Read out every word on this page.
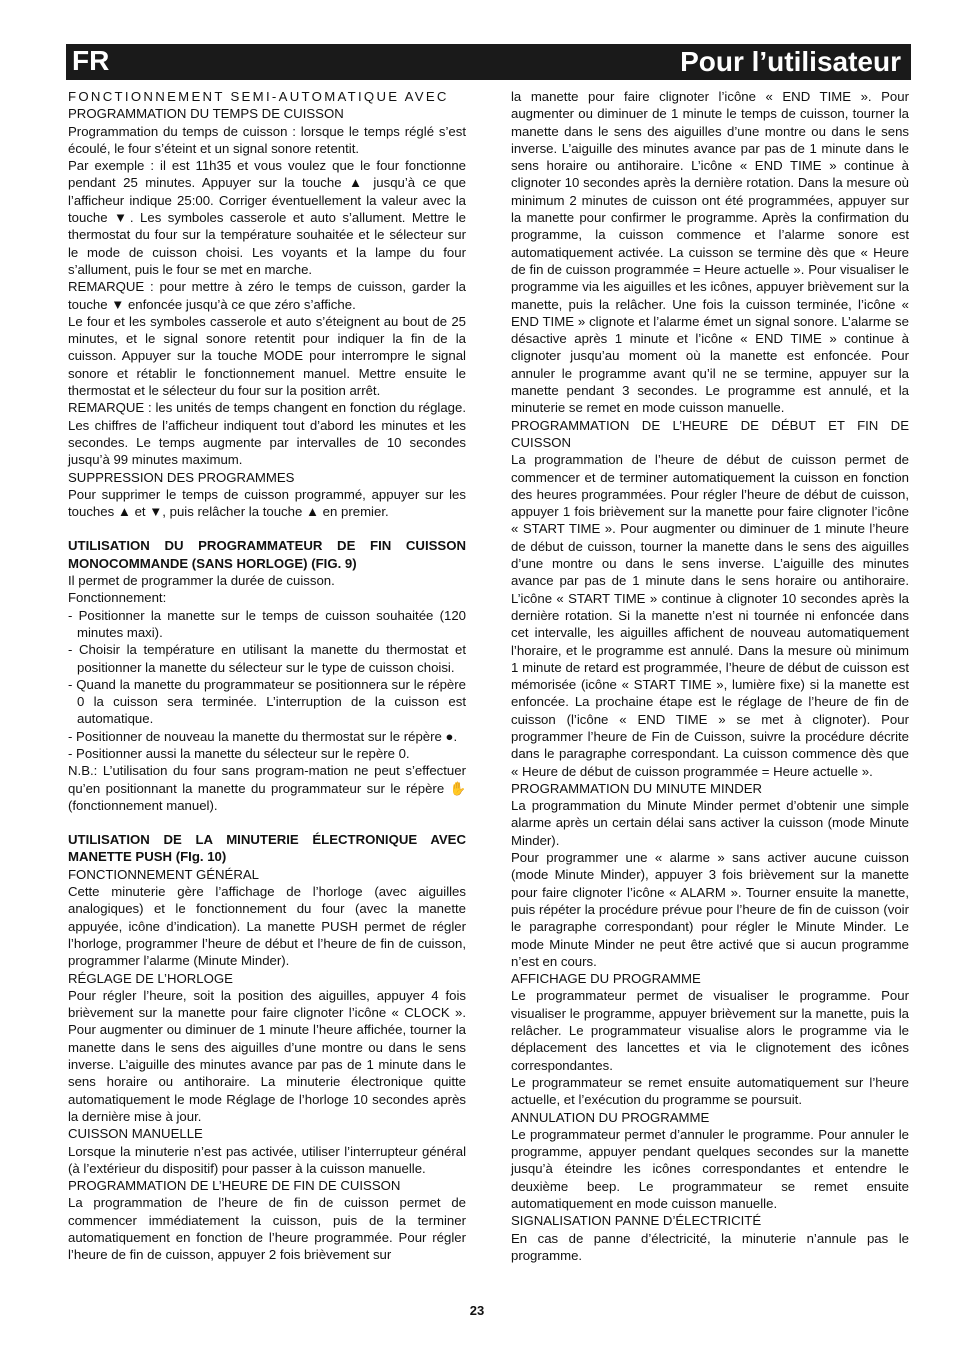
FR	Pour l’utilisateur

FONCTIONNEMENT SEMI-AUTOMATIQUE AVEC

PROGRAMMATION DU TEMPS DE CUISSON

Programmation du temps de cuisson : lorsque le temps réglé s’est écoulé, le four s’éteint et un signal sonore retentit.

Par exemple : il est 11h35 et vous voulez que le four fonctionne pendant 25 minutes. Appuyer sur la touche ▲ jusqu’à ce que l’afficheur indique 25:00. Corriger éventuellement la valeur avec la touche ▼. Les symboles casserole et auto s’allument. Mettre le thermostat du four sur la température souhaitée et le sélecteur sur le mode de cuisson choisi. Les voyants et la lampe du four s’allument, puis le four se met en marche.

REMARQUE : pour mettre à zéro le temps de cuisson, garder la touche ▼ enfoncée jusqu’à ce que zéro s’affiche.

Le four et les symboles casserole et auto s’éteignent au bout de 25 minutes, et le signal sonore retentit pour indiquer la fin de la cuisson. Appuyer sur la touche MODE pour interrompre le signal sonore et rétablir le fonctionnement manuel. Mettre ensuite le thermostat et le sélecteur du four sur la position arrêt.

REMARQUE : les unités de temps changent en fonction du réglage. Les chiffres de l’afficheur indiquent tout d’abord les minutes et les secondes. Le temps augmente par intervalles de 10 secondes jusqu’à 99 minutes maximum.

SUPPRESSION DES PROGRAMMES

Pour supprimer le temps de cuisson programmé, appuyer sur les touches ▲ et ▼, puis relâcher la touche ▲ en premier.

UTILISATION DU PROGRAMMATEUR DE FIN CUISSON MONOCOMMANDE (SANS HORLOGE) (FIG. 9)

Il permet de programmer la durée de cuisson.

Fonctionnement:

- Positionner la manette sur le temps de cuisson souhaitée (120 minutes maxi).

- Choisir la température en utilisant la manette du thermostat et positionner la manette du sélecteur sur le type de cuisson choisi.

- Quand la manette du programmateur se positionnera sur le répère 0 la cuisson sera terminée. L’interruption de la cuisson est automatique.

- Positionner de nouveau la manette du thermostat sur le répère ●.

- Positionner aussi la manette du sélecteur sur le repère 0.

N.B.: L’utilisation du four sans program-mation ne peut s’effectuer qu’en positionnant la manette du programmateur sur le répère ✋ (fonctionnement manuel).

UTILISATION DE LA MINUTERIE ÉLECTRONIQUE AVEC MANETTE PUSH (FIg. 10)

FONCTIONNEMENT GÉNÉRAL

Cette minuterie gère l’affichage de l’horloge (avec aiguilles analogiques) et le fonctionnement du four (avec la manette appuyée, icône d’indication). La manette PUSH permet de régler l’horloge, programmer l’heure de début et l’heure de fin de cuisson, programmer l’alarme (Minute Minder).

RÉGLAGE DE L’HORLOGE

Pour régler l’heure, soit la position des aiguilles, appuyer 4 fois brièvement sur la manette pour faire clignoter l’icône « CLOCK ». Pour augmenter ou diminuer de 1 minute l’heure affichée, tourner la manette dans le sens des aiguilles d’une montre ou dans le sens inverse. L’aiguille des minutes avance par pas de 1 minute dans le sens horaire ou antihoraire. La minuterie électronique quitte automatiquement le mode Réglage de l’horloge 10 secondes après la dernière mise à jour.

CUISSON MANUELLE

Lorsque la minuterie n’est pas activée, utiliser l’interrupteur général (à l’extérieur du dispositif) pour passer à la cuisson manuelle.

PROGRAMMATION DE L’HEURE DE FIN DE CUISSON

La programmation de l’heure de fin de cuisson permet de commencer immédiatement la cuisson, puis de la terminer automatiquement en fonction de l’heure programmée. Pour régler l’heure de fin de cuisson, appuyer 2 fois brièvement sur

la manette pour faire clignoter l’icône « END TIME ». Pour augmenter ou diminuer de 1 minute le temps de cuisson, tourner la manette dans le sens des aiguilles d’une montre ou dans le sens inverse. L’aiguille des minutes avance par pas de 1 minute dans le sens horaire ou antihoraire. L’icône « END TIME » continue à clignoter 10 secondes après la dernière rotation. Dans la mesure où minimum 2 minutes de cuisson ont été programmées, appuyer sur la manette pour confirmer le programme. Après la confirmation du programme, la cuisson commence et l’alarme sonore est automatiquement activée. La cuisson se termine dès que « Heure de fin de cuisson programmée = Heure actuelle ». Pour visualiser le programme via les aiguilles et les icônes, appuyer brièvement sur la manette, puis la relâcher. Une fois la cuisson terminée, l’icône « END TIME » clignote et l’alarme émet un signal sonore. L’alarme se désactive après 1 minute et l’icône « END TIME » continue à clignoter jusqu’au moment où la manette est enfoncée. Pour annuler le programme avant qu’il ne se termine, appuyer sur la manette pendant 3 secondes. Le programme est annulé, et la minuterie se remet en mode cuisson manuelle.

PROGRAMMATION DE L’HEURE DE DÉBUT ET FIN DE CUISSON

La programmation de l’heure de début de cuisson permet de commencer et de terminer automatiquement la cuisson en fonction des heures programmées. Pour régler l’heure de début de cuisson, appuyer 1 fois brièvement sur la manette pour faire clignoter l’icône « START TIME ». Pour augmenter ou diminuer de 1 minute l’heure de début de cuisson, tourner la manette dans le sens des aiguilles d’une montre ou dans le sens inverse. L’aiguille des minutes avance par pas de 1 minute dans le sens horaire ou antihoraire. L’icône « START TIME » continue à clignoter 10 secondes après la dernière rotation. Si la manette n’est ni tournée ni enfoncée dans cet intervalle, les aiguilles affichent de nouveau automatiquement l’horaire, et le programme est annulé. Dans la mesure où minimum 1 minute de retard est programmée, l’heure de début de cuisson est mémorisée (icône « START TIME », lumière fixe) si la manette est enfoncée. La prochaine étape est le réglage de l’heure de fin de cuisson (l’icône « END TIME » se met à clignoter). Pour programmer l’heure de Fin de Cuisson, suivre la procédure décrite dans le paragraphe correspondant. La cuisson commence dès que « Heure de début de cuisson programmée = Heure actuelle ».

PROGRAMMATION DU MINUTE MINDER

La programmation du Minute Minder permet d’obtenir une simple alarme après un certain délai sans activer la cuisson (mode Minute Minder).

Pour programmer une « alarme » sans activer aucune cuisson (mode Minute Minder), appuyer 3 fois brièvement sur la manette pour faire clignoter l’icône « ALARM ». Tourner ensuite la manette, puis répéter la procédure prévue pour l’heure de fin de cuisson (voir le paragraphe correspondant) pour régler le Minute Minder. Le mode Minute Minder ne peut être activé que si aucun programme n’est en cours.

AFFICHAGE DU PROGRAMME

Le programmateur permet de visualiser le programme. Pour visualiser le programme, appuyer brièvement sur la manette, puis la relâcher. Le programmateur visualise alors le programme via le déplacement des lancettes et via le clignotement des icônes correspondantes.

Le programmateur se remet ensuite automatiquement sur l’heure actuelle, et l’exécution du programme se poursuit.

ANNULATION DU PROGRAMME

Le programmateur permet d’annuler le programme. Pour annuler le programme, appuyer pendant quelques secondes sur la manette jusqu’à éteindre les icônes correspondantes et entendre le deuxième beep. Le programmateur se remet ensuite automatiquement en mode cuisson manuelle.

SIGNALISATION PANNE D’ÉLECTRICITÉ

En cas de panne d’électricité, la minuterie n’annule pas le programme.

23
